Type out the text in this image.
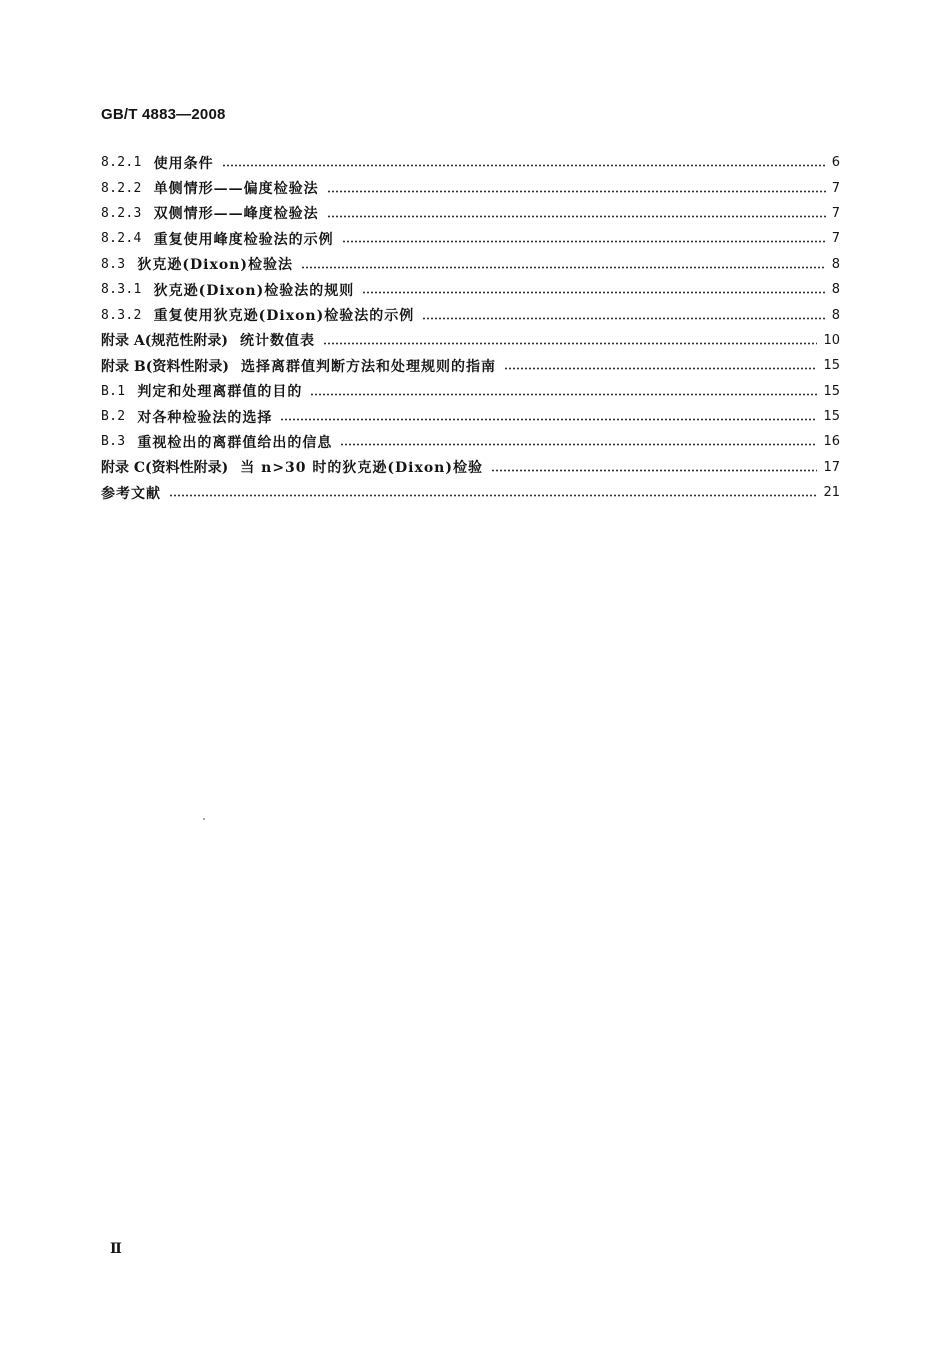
GB/T 4883—2008
8.2.1 使用条件	6
8.2.2 单侧情形——偏度检验法	7
8.2.3 双侧情形——峰度检验法	7
8.2.4 重复使用峰度检验法的示例	7
8.3 狄克逊(Dixon)检验法	8
8.3.1 狄克逊(Dixon)检验法的规则	8
8.3.2 重复使用狄克逊(Dixon)检验法的示例	8
附录 A(规范性附录) 统计数值表	10
附录 B(资料性附录) 选择离群值判断方法和处理规则的指南	15
B.1 判定和处理离群值的目的	15
B.2 对各种检验法的选择	15
B.3 重视检出的离群值给出的信息	16
附录 C(资料性附录) 当 n>30 时的狄克逊(Dixon)检验	17
参考文献	21
Ⅱ
